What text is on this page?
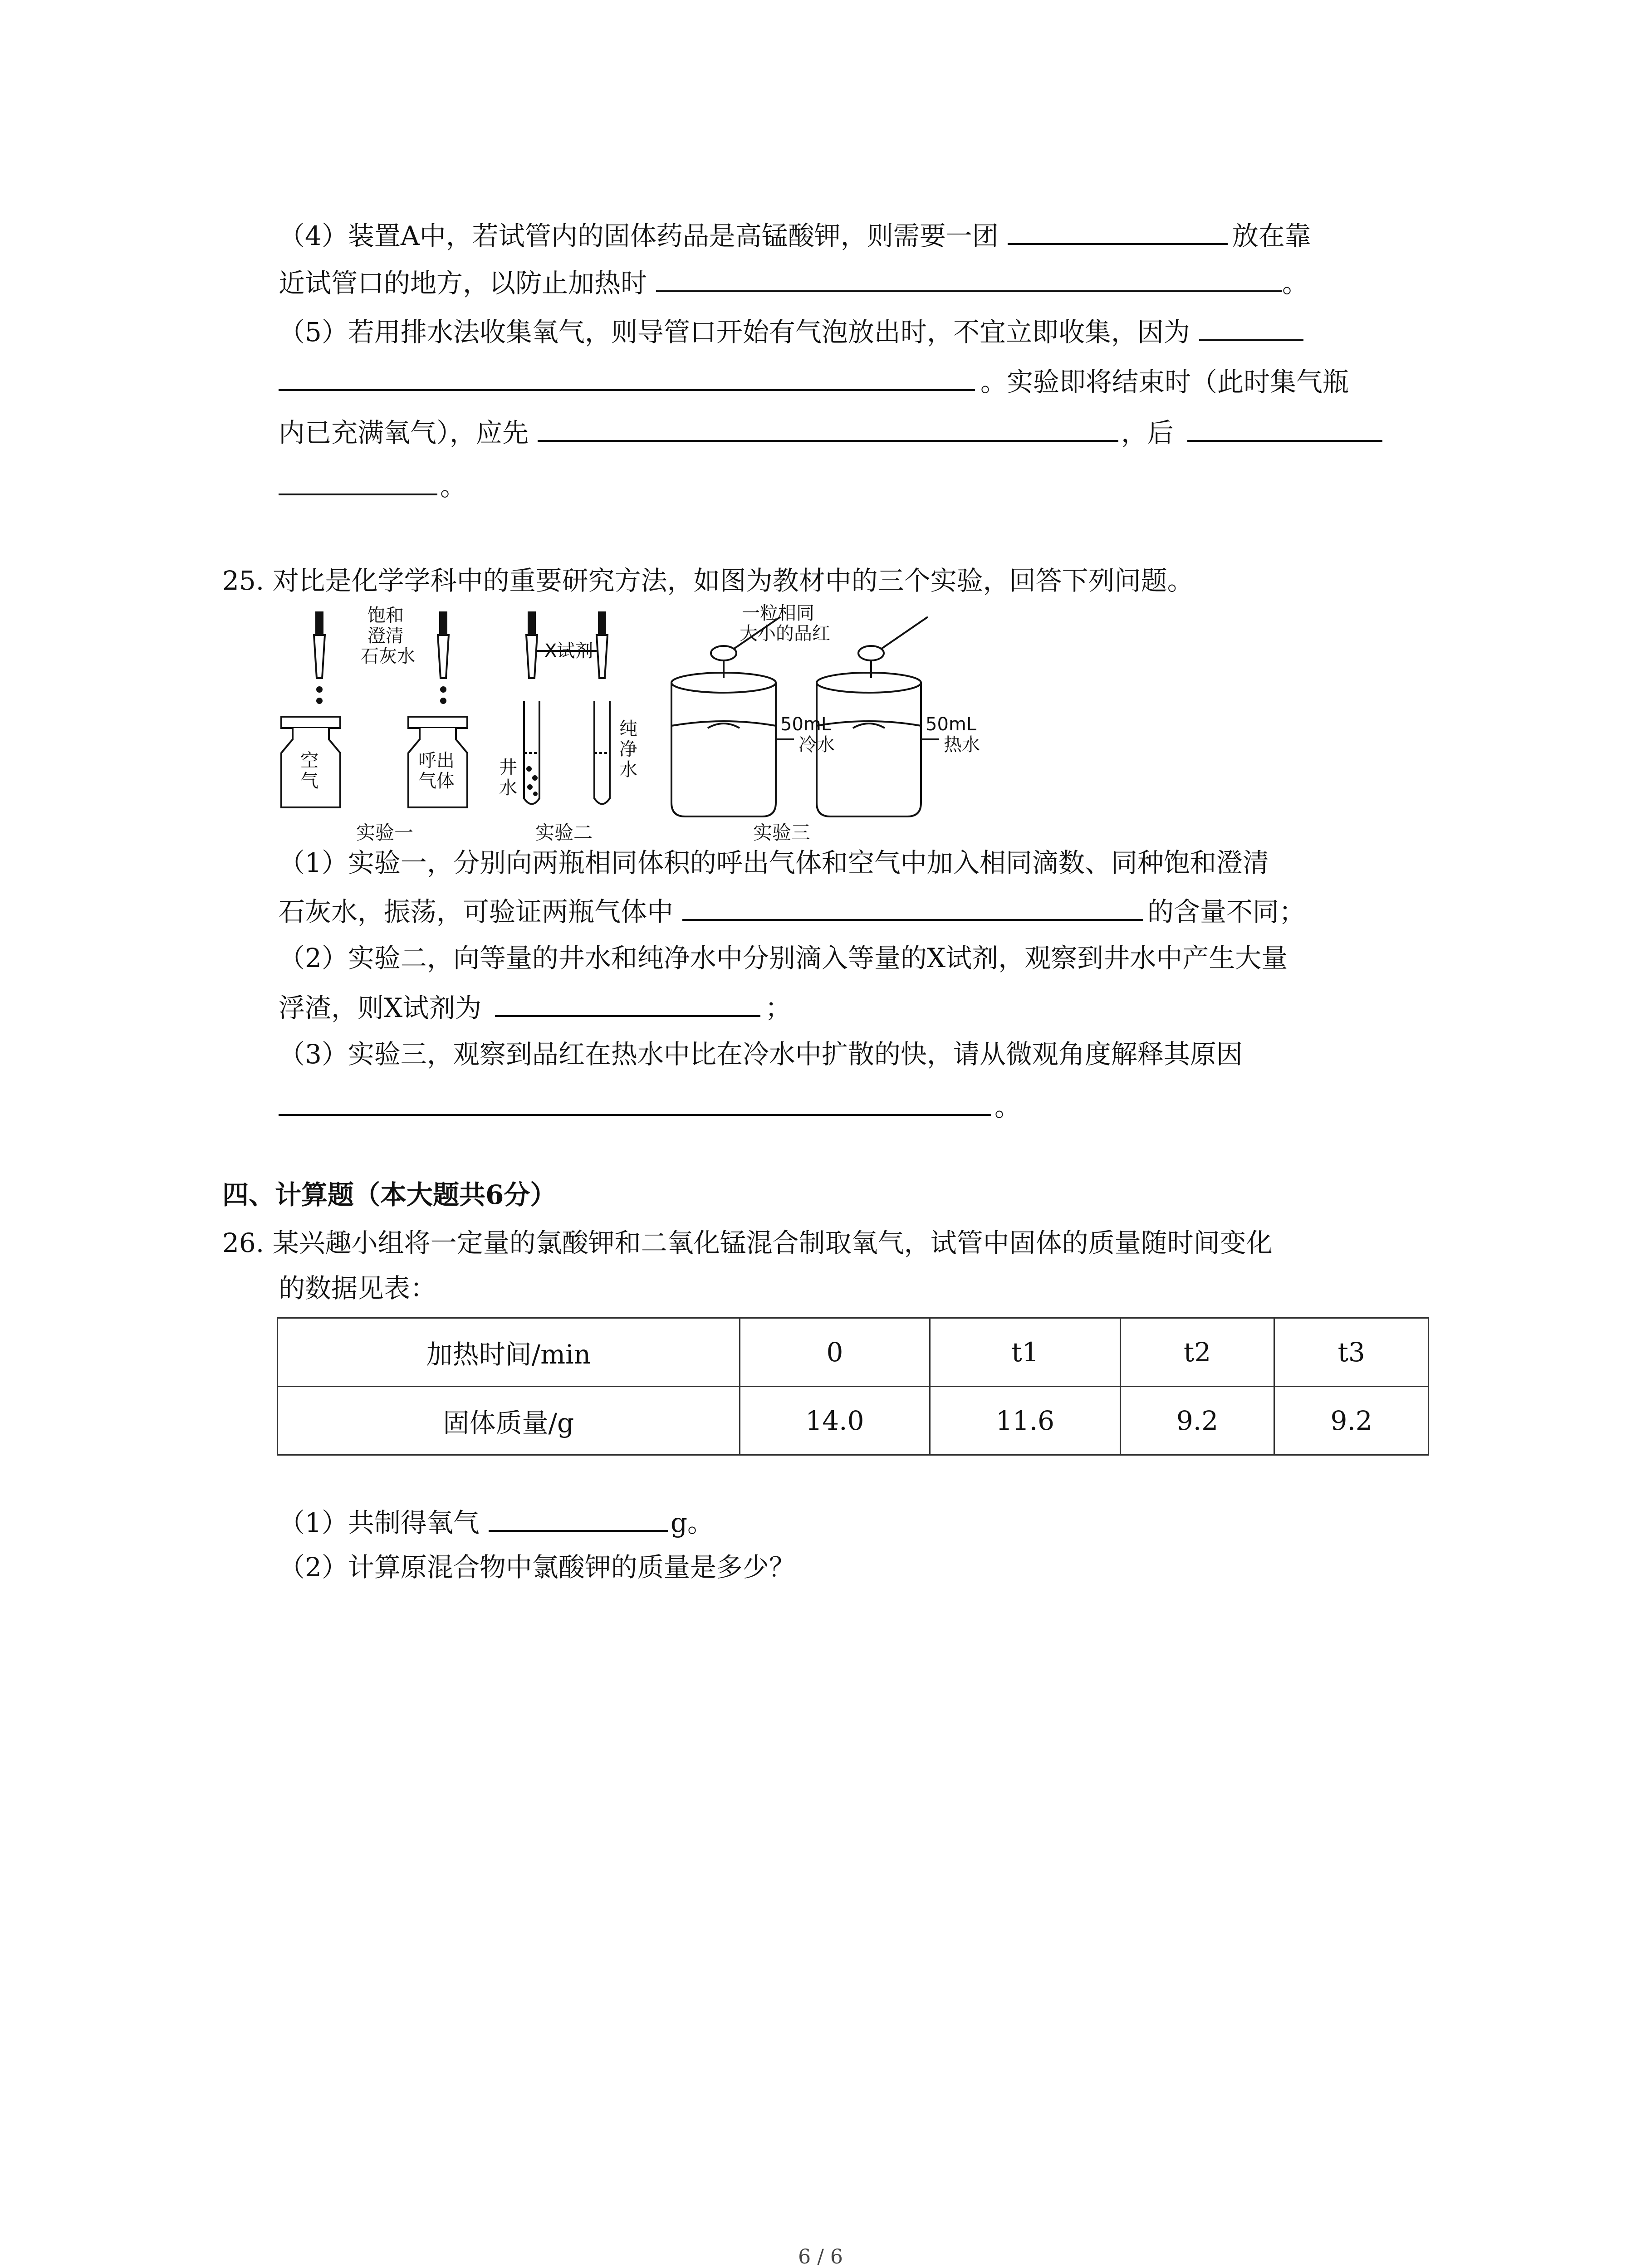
（4）装置A中，若试管内的固体药品是高锰酸钾，则需要一团	放在靠
近试管口的地方，以防止加热时	。
（5）若用排水法收集氧气，则导管口开始有气泡放出时，不宜立即收集，因为
。实验即将结束时（此时集气瓶
内已充满氧气），应先	，后
。
25. 对比是化学学科中的重要研究方法，如图为教材中的三个实验，回答下列问题。
饱和
澄清
石灰水
空
气
呼出
气体
实验一
X试剂
井
水
纯
净
水
实验二
一粒相同
大小的品红
50mL
冷水
50mL
热水
实验三
（1）实验一，分别向两瓶相同体积的呼出气体和空气中加入相同滴数、同种饱和澄清
石灰水，振荡，可验证两瓶气体中	的含量不同；
（2）实验二，向等量的井水和纯净水中分别滴入等量的X试剂，观察到井水中产生大量
浮渣，则X试剂为	；
（3）实验三，观察到品红在热水中比在冷水中扩散的快，请从微观角度解释其原因
。
四、计算题（本大题共6分）
26. 某兴趣小组将一定量的氯酸钾和二氧化锰混合制取氧气，试管中固体的质量随时间变化
的数据见表：
加热时间/min	0	t1	t2	t3
固体质量/g	14.0	11.6	9.2	9.2
（1）共制得氧气	g。
（2）计算原混合物中氯酸钾的质量是多少？
6 / 6
